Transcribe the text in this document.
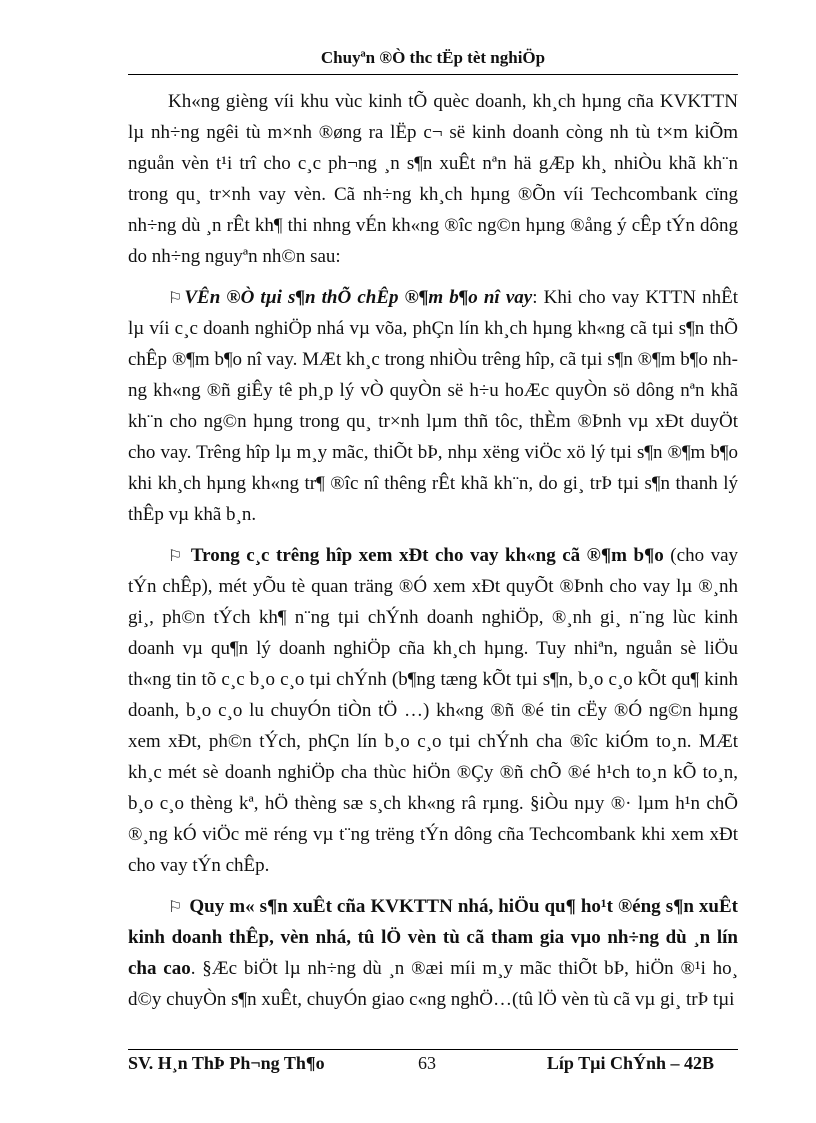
Chuyªn ®Ò thc tËp tèt nghiÖp

Kh«ng gièng víi khu vùc kinh tÕ quèc doanh, kh¸ch hµng cña KVKTTN lµ nh÷ng ngêi tù m×nh ®øng ra lËp c¬ së kinh doanh còng nh tù t×m kiÕm nguån vèn t¹i trî cho c¸c ph¬ng ¸n s¶n xuÊt nªn hä gÆp kh¸ nhiÒu khã kh¨n trong qu¸ tr×nh vay vèn. Cã nh÷ng kh¸ch hµng ®Õn víi Techcombank cïng nh÷ng dù ¸n rÊt kh¶ thi nhng vÉn kh«ng ®îc ng©n hµng ®ång ý cÊp tÝn dông do nh÷ng nguyªn nh©n sau:

⚐ VÊn ®Ò tµi s¶n thÕ chÊp ®¶m b¶o nî vay: Khi cho vay KTTN nhÊt lµ víi c¸c doanh nghiÖp nhá vµ võa, phÇn lín kh¸ch hµng kh«ng cã tµi s¶n thÕ chÊp ®¶m b¶o nî vay. MÆt kh¸c trong nhiÒu trêng hîp, cã tµi s¶n ®¶m b¶o nhng kh«ng ®ñ giÊy tê ph¸p lý vÒ quyÒn së h÷u hoÆc quyÒn sö dông nªn khã kh¨n cho ng©n hµng trong qu¸ tr×nh lµm thñ tôc, thÈm ®Þnh vµ xÐt duyÖt cho vay. Trêng hîp lµ m¸y mãc, thiÕt bÞ, nhµ xëng viÖc xö lý tµi s¶n ®¶m b¶o khi kh¸ch hµng kh«ng tr¶ ®îc nî thêng rÊt khã kh¨n, do gi¸ trÞ tµi s¶n thanh lý thÊp vµ khã b¸n.

⚐ Trong c¸c trêng hîp xem xÐt cho vay kh«ng cã ®¶m b¶o (cho vay tÝn chÊp), mét yÕu tè quan träng ®Ó xem xÐt quyÕt ®Þnh cho vay lµ ®¸nh gi¸, ph©n tÝch kh¶ n¨ng tµi chÝnh doanh nghiÖp, ®¸nh gi¸ n¨ng lùc kinh doanh vµ qu¶n lý doanh nghiÖp cña kh¸ch hµng. Tuy nhiªn, nguån sè liÖu th«ng tin tõ c¸c b¸o c¸o tµi chÝnh (b¶ng tæng kÕt tµi s¶n, b¸o c¸o kÕt qu¶ kinh doanh, b¸o c¸o lu chuyÓn tiÒn tÖ …) kh«ng ®ñ ®é tin cËy ®Ó ng©n hµng xem xÐt, ph©n tÝch, phÇn lín b¸o c¸o tµi chÝnh cha ®îc kiÓm to¸n. MÆt kh¸c mét sè doanh nghiÖp cha thùc hiÖn ®Çy ®ñ chÕ ®é h¹ch to¸n kÕ to¸n, b¸o c¸o thèng kª, hÖ thèng sæ s¸ch kh«ng râ rµng. §iÒu nµy ®· lµm h¹n chÕ ®¸ng kÓ viÖc më réng vµ t¨ng trëng tÝn dông cña Techcombank khi xem xÐt cho vay tÝn chÊp.

⚐ Quy m« s¶n xuÊt cña KVKTTN nhá, hiÖu qu¶ ho¹t ®éng s¶n xuÊt kinh doanh thÊp, vèn nhá, tû lÖ vèn tù cã tham gia vµo nh÷ng dù ¸n lín cha cao. §Æc biÖt lµ nh÷ng dù ¸n ®æi míi m¸y mãc thiÕt bÞ, hiÖn ®¹i ho¸ d©y chuyÒn s¶n xuÊt, chuyÓn giao c«ng nghÖ…(tû lÖ vèn tù cã vµ gi¸ trÞ tµi

SV. H¸n ThÞ Ph¬ng Th¶o	63	Líp Tµi ChÝnh – 42B
